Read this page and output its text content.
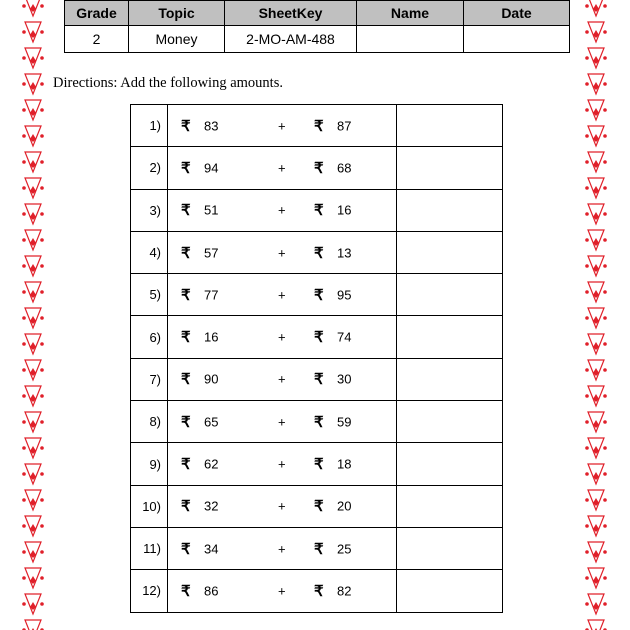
Grade	Topic	SheetKey	Name	Date
2	Money	2-MO-AM-488		
Directions: Add the following amounts.
1)	₹ 83 + ₹ 87	

2)	₹ 94 + ₹ 68	

3)	₹ 51 + ₹ 16	

4)	₹ 57 + ₹ 13	

5)	₹ 77 + ₹ 95	

6)	₹ 16 + ₹ 74	

7)	₹ 90 + ₹ 30	

8)	₹ 65 + ₹ 59	

9)	₹ 62 + ₹ 18	

10)	₹ 32 + ₹ 20	

11)	₹ 34 + ₹ 25	

12)	₹ 86 + ₹ 82	
